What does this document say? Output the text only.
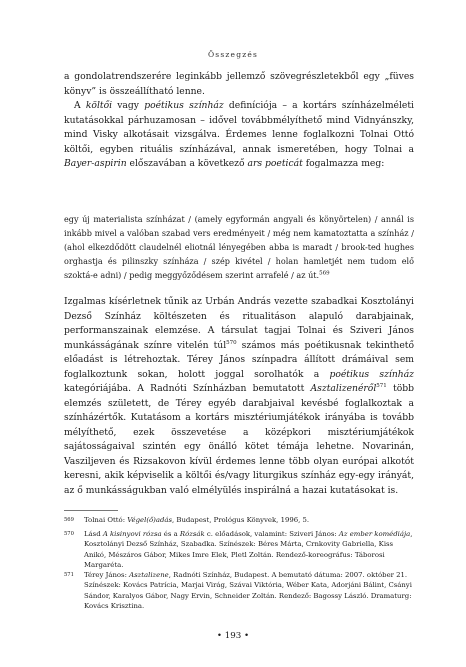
Összegzés

a gondolatrendszerére leginkább jellemző szövegrészletekből egy „füves könyv” is összeállítható lenne.

A költői vagy poétikus színház definíciója – a kortárs színházelméleti kutatásokkal párhuzamosan – idővel továbbmélyíthető mind Vidnyánszky, mind Visky alkotásait vizsgálva. Érdemes lenne foglalkozni Tolnai Ottó költői, egyben rituális színházával, annak ismeretében, hogy Tolnai a Bayer-aspirin előszavában a következő ars poeticát fogalmazza meg:

egy új materialista színházat / (amely egyformán angyali és könyörtelen) / annál is inkább mivel a valóban szabad vers eredményeit / még nem kamatoztatta a színház / (ahol elkezdődött claudelnél eliotnál lényegében abba is maradt / brook-ted hughes orghastja és pilinszky színháza / szép kivétel / holan hamletjét nem tudom elő szoktá-e adni) / pedig meggyőződésem szerint arrafelé / az út.$^{569}$

Izgalmas kísérletnek tűnik az Urbán András vezette szabadkai Kosztolányi Dezső Színház költészeten és ritualitáson alapuló darabjainak, performanszainak elemzése. A társulat tagjai Tolnai és Sziveri János munkásságának színre vitelén túl$^{570}$ számos más poétikusnak tekinthető előadást is létrehoztak. Térey János színpadra állított drámáival sem foglalkoztunk sokan, holott joggal sorolhatók a poétikus színház kategóriájába. A Radnóti Színházban bemutatott Asztalizenéről$^{571}$ több elemzés született, de Térey egyéb darabjaival kevésbé foglalkoztak a színházértők. Kutatásom a kortárs misztériumjátékok irányába is tovább mélyíthető, ezek összevetése a középkori misztériumjátékok sajátosságaival szintén egy önálló kötet témája lehetne. Novarinán, Vasziljeven és Rizsakovon kívül érdemes lenne több olyan európai alkotót keresni, akik képviselik a költői és/vagy liturgikus színház egy-egy irányát, az ő munkásságukban való elmélyülés inspirálná a hazai kutatásokat is.

569	Tolnai Ottó: Végel(ő)adás, Budapest, Prológus Könyvek, 1996, 5.
570	Lásd A kisinyovi rózsa és a Rózsák c. előadások, valamint: Sziveri János: Az ember komédiája, Kosztolányi Dezső Színház, Szabadka. Színészek: Béres Márta, Crnkovity Gabriella, Kiss Anikó, Mészáros Gábor, Mikes Imre Elek, Pletl Zoltán. Rendező-koreográfus: Táborosi Margaréta.
571	Térey János: Asztalizene, Radnóti Színház, Budapest. A bemutató dátuma: 2007. október 21. Színészek: Kovács Patrícia, Marjai Virág, Szávai Viktória, Wéber Kata, Adorjáni Bálint, Csányi Sándor, Karalyos Gábor, Nagy Ervin, Schneider Zoltán. Rendező: Bagossy László. Dramaturg: Kovács Krisztina.
• 193 •
